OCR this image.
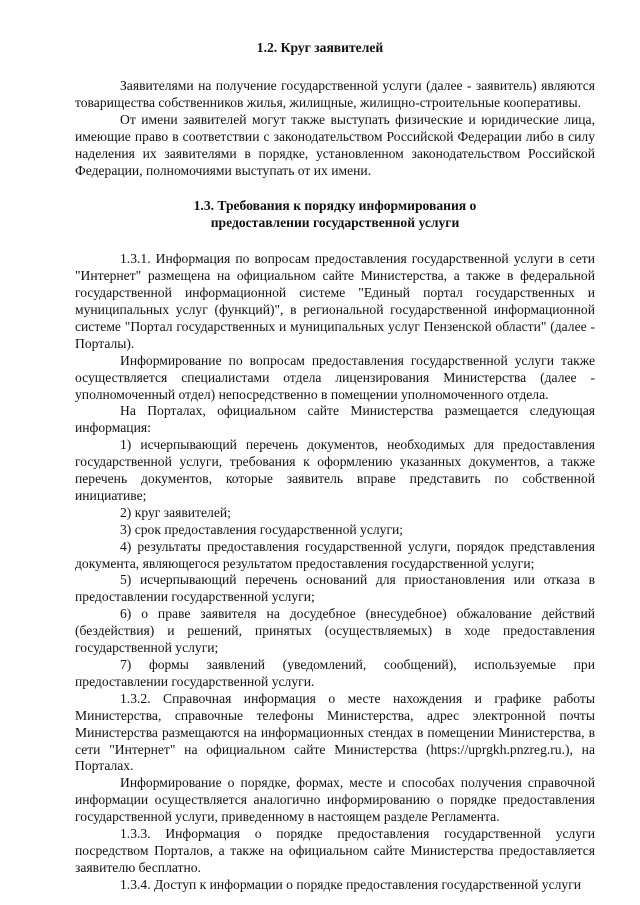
1.2. Круг заявителей

Заявителями на получение государственной услуги (далее - заявитель) являются товарищества собственников жилья, жилищные, жилищно-строительные кооперативы.

От имени заявителей могут также выступать физические и юридические лица, имеющие право в соответствии с законодательством Российской Федерации либо в силу наделения их заявителями в порядке, установленном законодательством Российской Федерации, полномочиями выступать от их имени.

1.3. Требования к порядку информирования о

предоставлении государственной услуги

1.3.1. Информация по вопросам предоставления государственной услуги в сети "Интернет" размещена на официальном сайте Министерства, а также в федеральной государственной информационной системе "Единый портал государственных и муниципальных услуг (функций)", в региональной государственной информационной системе "Портал государственных и муниципальных услуг Пензенской области" (далее - Порталы).

Информирование по вопросам предоставления государственной услуги также осуществляется специалистами отдела лицензирования Министерства (далее - уполномоченный отдел) непосредственно в помещении уполномоченного отдела.

На Порталах, официальном сайте Министерства размещается следующая информация:

1) исчерпывающий перечень документов, необходимых для предоставления государственной услуги, требования к оформлению указанных документов, а также перечень документов, которые заявитель вправе представить по собственной инициативе;

2) круг заявителей;

3) срок предоставления государственной услуги;

4) результаты предоставления государственной услуги, порядок представления документа, являющегося результатом предоставления государственной услуги;

5) исчерпывающий перечень оснований для приостановления или отказа в предоставлении государственной услуги;

6) о праве заявителя на досудебное (внесудебное) обжалование действий (бездействия) и решений, принятых (осуществляемых) в ходе предоставления государственной услуги;

7) формы заявлений (уведомлений, сообщений), используемые при предоставлении государственной услуги.

1.3.2. Справочная информация о месте нахождения и графике работы Министерства, справочные телефоны Министерства, адрес электронной почты Министерства размещаются на информационных стендах в помещении Министерства, в сети "Интернет" на официальном сайте Министерства (https://uprgkh.pnzreg.ru.), на Порталах.

Информирование о порядке, формах, месте и способах получения справочной информации осуществляется аналогично информированию о порядке предоставления государственной услуги, приведенному в настоящем разделе Регламента.

1.3.3. Информация о порядке предоставления государственной услуги посредством Порталов, а также на официальном сайте Министерства предоставляется заявителю бесплатно.

1.3.4. Доступ к информации о порядке предоставления государственной услуги
